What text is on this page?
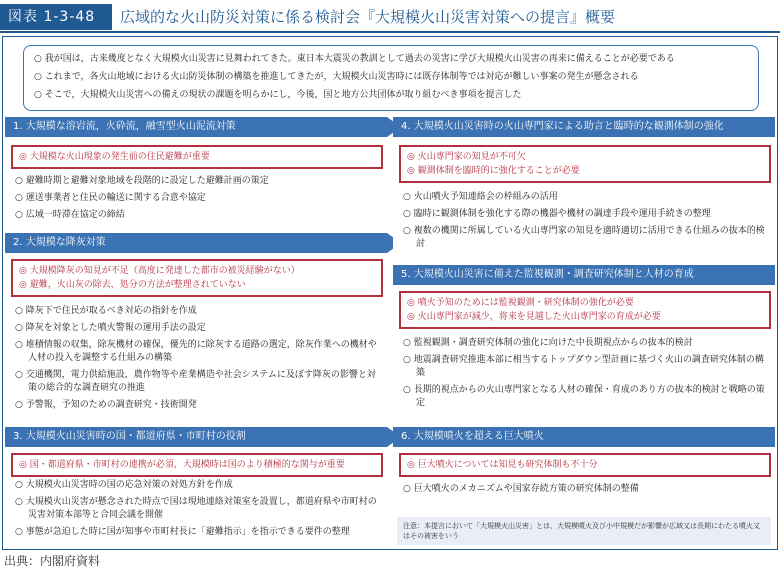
図表 1-3-48	広域的な火山防災対策に係る検討会『大規模火山災害対策への提言』概要
○ 我が国は，古来幾度となく大規模火山災害に見舞われてきた。東日本大震災の教訓として過去の災害に学び大規模火山災害の再来に備えることが必要である
○ これまで，各火山地域における火山防災体制の構築を推進してきたが，大規模火山災害時には既存体制等では対応が難しい事案の発生が懸念される
○ そこで，大規模火山災害への備えの現状の課題を明らかにし，今後，国と地方公共団体が取り組むべき事項を提言した
1. 大規模な溶岩流，火砕流，融雪型火山泥流対策
◎ 大規模な火山現象の発生前の住民避難が重要
○ 避難時期と避難対象地域を段階的に設定した避難計画の策定
○ 運送事業者と住民の輸送に関する合意や協定
○ 広域一時滞在協定の締結
2. 大規模な降灰対策
◎ 大規模降灰の知見が不足（高度に発達した都市の被災経験がない）
◎ 避難，火山灰の除去，処分の方法が整理されていない
○ 降灰下で住民が取るべき対応の指針を作成
○ 降灰を対象とした噴火警報の運用手法の設定
○ 堆積情報の収集，除灰機材の確保，優先的に除灰する道路の選定，除灰作業への機材や人材の投入を調整する仕組みの構築
○ 交通機関，電力供給施設，農作物等や産業構造や社会システムに及ぼす降灰の影響と対策の総合的な調査研究の推進
○ 予警報，予知のための調査研究・技術開発
3. 大規模火山災害時の国・都道府県・市町村の役割
◎ 国・都道府県・市町村の連携が必須，大規模時は国のより積極的な関与が重要
○ 大規模火山災害時の国の応急対策の対処方針を作成
○ 大規模火山災害が懸念された時点で国は現地連絡対策室を設置し，都道府県や市町村の災害対策本部等と合同会議を開催
○ 事態が急迫した時に国が知事や市町村長に「避難指示」を指示できる要件の整理
4. 大規模火山災害時の火山専門家による助言と臨時的な観測体制の強化
◎ 火山専門家の知見が不可欠
◎ 観測体制を臨時的に強化することが必要
○ 火山噴火予知連絡会の枠組みの活用
○ 臨時に観測体制を強化する際の機器や機材の調達手段や運用手続きの整理
○ 複数の機関に所属している火山専門家の知見を適時適切に活用できる仕組みの抜本的検討
5. 大規模火山災害に備えた監視観測・調査研究体制と人材の育成
◎ 噴火予知のためには監視観測・研究体制の強化が必要
◎ 火山専門家が減少，将来を見越した火山専門家の育成が必要
○ 監視観測・調査研究体制の強化に向けた中長期視点からの抜本的検討
○ 地震調査研究推進本部に相当するトップダウン型計画に基づく火山の調査研究体制の構築
○ 長期的視点からの火山専門家となる人材の確保・育成のあり方の抜本的検討と戦略の策定
6. 大規模噴火を超える巨大噴火
◎ 巨大噴火については知見も研究体制も不十分
○ 巨大噴火のメカニズムや国家存続方策の研究体制の整備
注意：本提言において「大規模火山災害」とは，大規模噴火及び小中規模だが影響が広域又は長期にわたる噴火又はその被害をいう
出典：内閣府資料
